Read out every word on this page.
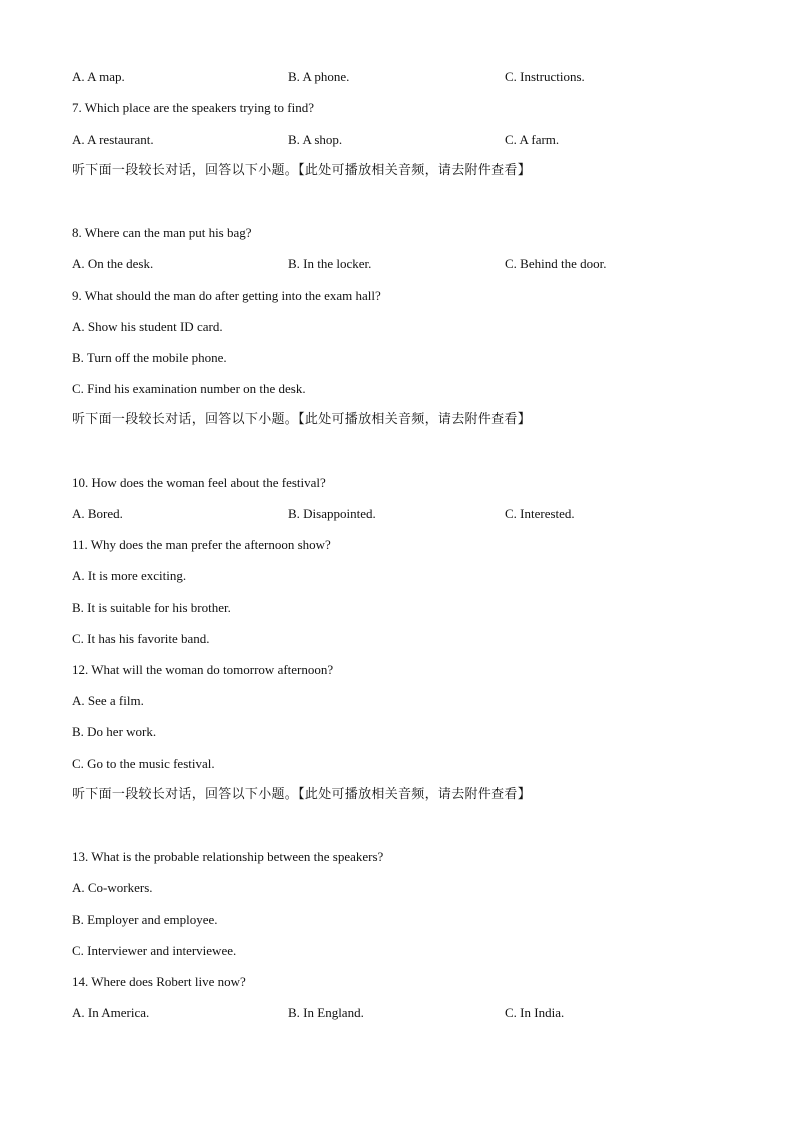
A. A map.	B. A phone.	C. Instructions.
7. Which place are the speakers trying to find?
A. A restaurant.	B. A shop.	C. A farm.
听下面一段较长对话，回答以下小题。【此处可播放相关音频，请去附件查看】
8. Where can the man put his bag?
A. On the desk.	B. In the locker.	C. Behind the door.
9. What should the man do after getting into the exam hall?
A. Show his student ID card.
B. Turn off the mobile phone.
C. Find his examination number on the desk.
听下面一段较长对话，回答以下小题。【此处可播放相关音频，请去附件查看】
10. How does the woman feel about the festival?
A. Bored.	B. Disappointed.	C. Interested.
11. Why does the man prefer the afternoon show?
A. It is more exciting.
B. It is suitable for his brother.
C. It has his favorite band.
12. What will the woman do tomorrow afternoon?
A. See a film.
B. Do her work.
C. Go to the music festival.
听下面一段较长对话，回答以下小题。【此处可播放相关音频，请去附件查看】
13. What is the probable relationship between the speakers?
A. Co-workers.
B. Employer and employee.
C. Interviewer and interviewee.
14. Where does Robert live now?
A. In America.	B. In England.	C. In India.
